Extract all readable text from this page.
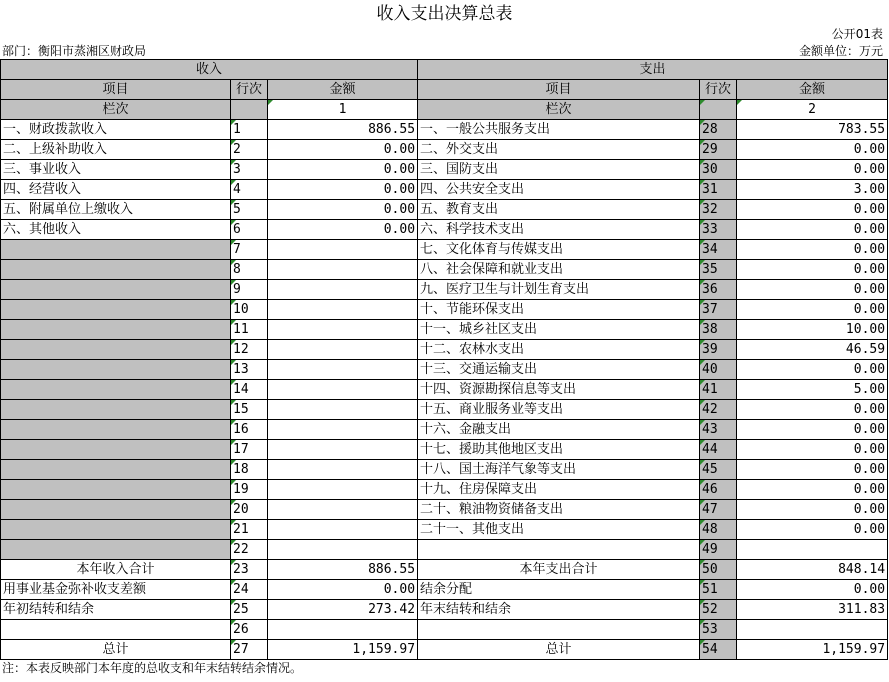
收入支出决算总表
公开01表
部门：衡阳市蒸湘区财政局	金额单位：万元
收入			支出		
项目	行次	金额	项目	行次	金额
栏次		1	栏次		2
一、财政拨款收入	1	886.55	一、一般公共服务支出	28	783.55
二、上级补助收入	2	0.00	二、外交支出	29	0.00
三、事业收入	3	0.00	三、国防支出	30	0.00
四、经营收入	4	0.00	四、公共安全支出	31	3.00
五、附属单位上缴收入	5	0.00	五、教育支出	32	0.00
六、其他收入	6	0.00	六、科学技术支出	33	0.00
	7		七、文化体育与传媒支出	34	0.00
	8		八、社会保障和就业支出	35	0.00
	9		九、医疗卫生与计划生育支出	36	0.00
	10		十、节能环保支出	37	0.00
	11		十一、城乡社区支出	38	10.00
	12		十二、农林水支出	39	46.59
	13		十三、交通运输支出	40	0.00
	14		十四、资源勘探信息等支出	41	5.00
	15		十五、商业服务业等支出	42	0.00
	16		十六、金融支出	43	0.00
	17		十七、援助其他地区支出	44	0.00
	18		十八、国土海洋气象等支出	45	0.00
	19		十九、住房保障支出	46	0.00
	20		二十、粮油物资储备支出	47	0.00
	21		二十一、其他支出	48	0.00
	22			49	
本年收入合计	23	886.55	本年支出合计	50	848.14
用事业基金弥补收支差额	24	0.00	结余分配	51	0.00
年初结转和结余	25	273.42	年末结转和结余	52	311.83
	26			53	
总计	27	1,159.97	总计	54	1,159.97
注：本表反映部门本年度的总收支和年末结转结余情况。
